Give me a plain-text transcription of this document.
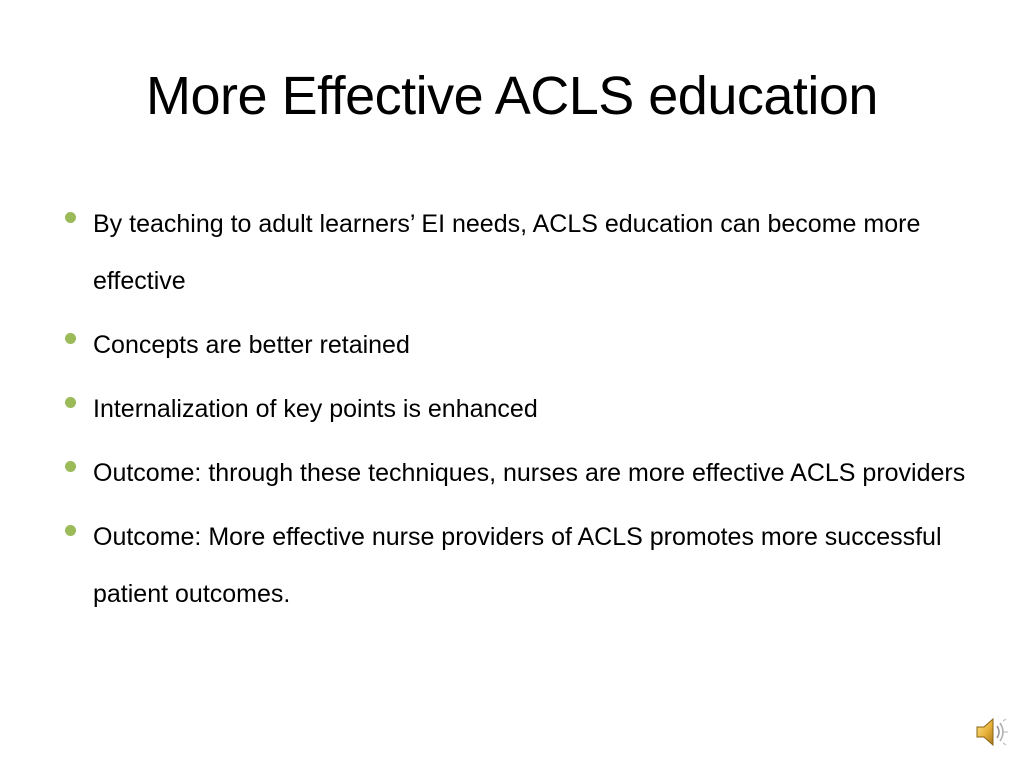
More Effective ACLS education
By teaching to adult learners’ EI needs, ACLS education can become more effective
Concepts are better retained
Internalization of key points is enhanced
Outcome: through these techniques, nurses are more effective ACLS providers
Outcome: More effective nurse providers of ACLS promotes more successful patient outcomes.
